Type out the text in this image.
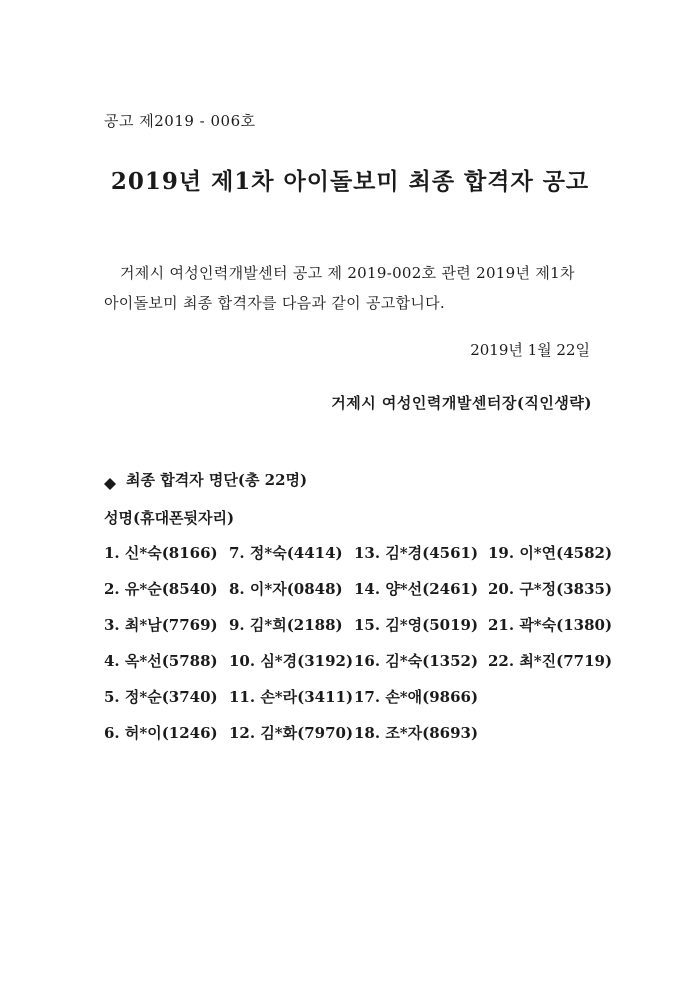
공고 제2019 - 006호
2019년 제1차 아이돌보미 최종 합격자 공고
거제시 여성인력개발센터 공고 제 2019-002호 관련 2019년 제1차
아이돌보미 최종 합격자를 다음과 같이 공고합니다.
2019년 1월 22일
거제시 여성인력개발센터장(직인생략)
최종 합격자 명단(총 22명)
성명(휴대폰뒷자리)
1. 신*숙(8166) 7. 정*숙(4414) 13. 김*경(4561) 19. 이*연(4582)
2. 유*순(8540) 8. 이*자(0848) 14. 양*선(2461) 20. 구*정(3835)
3. 최*남(7769) 9. 김*희(2188) 15. 김*영(5019) 21. 곽*숙(1380)
4. 옥*선(5788) 10. 심*경(3192) 16. 김*숙(1352) 22. 최*진(7719)
5. 정*순(3740) 11. 손*라(3411) 17. 손*애(9866)
6. 허*이(1246) 12. 김*화(7970) 18. 조*자(8693)
